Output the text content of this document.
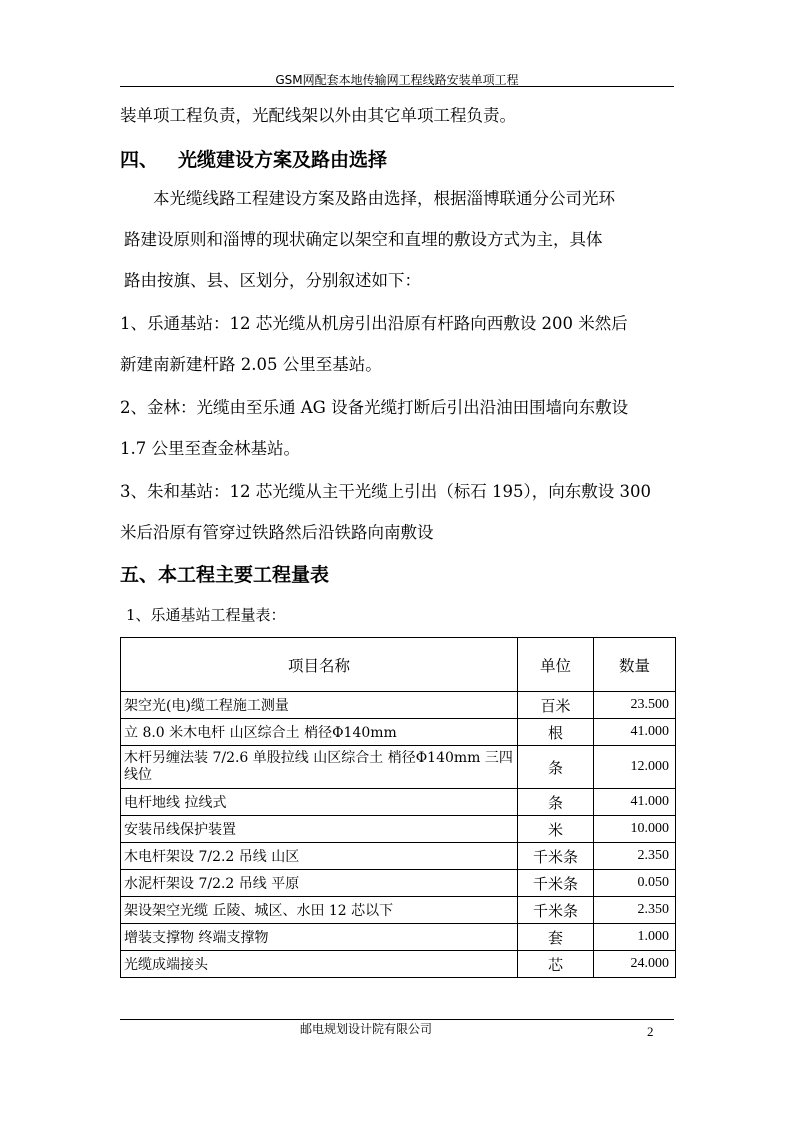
GSM网配套本地传输网工程线路安装单项工程
装单项工程负责，光配线架以外由其它单项工程负责。
四、 光缆建设方案及路由选择
本光缆线路工程建设方案及路由选择，根据淄博联通分公司光环
路建设原则和淄博的现状确定以架空和直埋的敷设方式为主，具体
路由按旗、县、区划分，分别叙述如下：
1、乐通基站：12 芯光缆从机房引出沿原有杆路向西敷设 200 米然后
新建南新建杆路 2.05 公里至基站。
2、金林：光缆由至乐通 AG 设备光缆打断后引出沿油田围墙向东敷设
1.7 公里至查金林基站。
3、朱和基站：12 芯光缆从主干光缆上引出（标石 195），向东敷设 300
米后沿原有管穿过铁路然后沿铁路向南敷设
五、本工程主要工程量表
1、乐通基站工程量表：
项目名称	单位	数量
架空光(电)缆工程施工测量	百米	23.500
立 8.0 米木电杆 山区综合土 梢径Φ140mm	根	41.000
木杆另缠法装 7/2.6 单股拉线 山区综合土 梢径Φ140mm 三四线位	条	12.000
电杆地线 拉线式	条	41.000
安装吊线保护装置	米	10.000
木电杆架设 7/2.2 吊线 山区	千米条	2.350
水泥杆架设 7/2.2 吊线 平原	千米条	0.050
架设架空光缆 丘陵、城区、水田 12 芯以下	千米条	2.350
增装支撑物 终端支撑物	套	1.000
光缆成端接头	芯	24.000
邮电规划设计院有限公司	2
